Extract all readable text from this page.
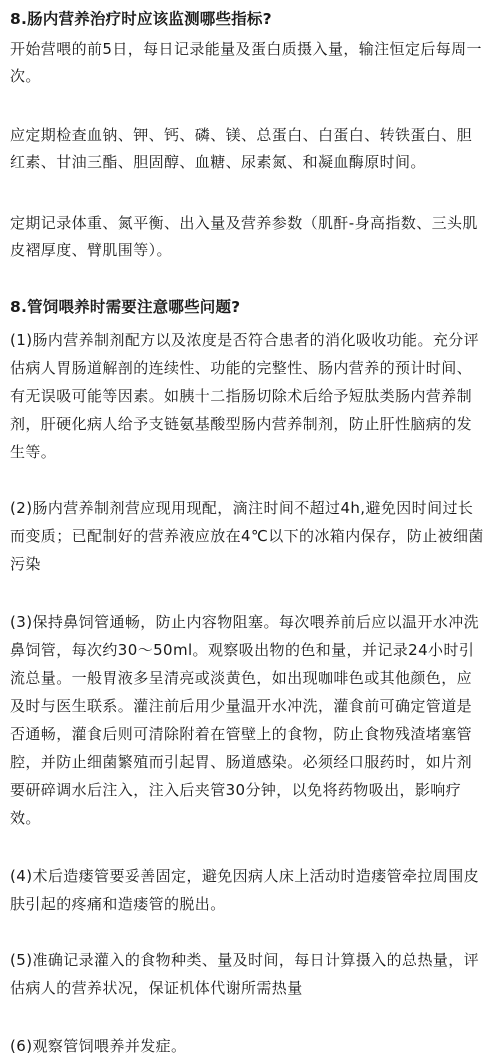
8.肠内营养治疗时应该监测哪些指标?
开始营喂的前5日，每日记录能量及蛋白质摄入量，输注恒定后每周一次。
应定期检查血钠、钾、钙、磷、镁、总蛋白、白蛋白、转铁蛋白、胆红素、甘油三酯、胆固醇、血糖、尿素氮、和凝血酶原时间。
定期记录体重、氮平衡、出入量及营养参数（肌酐-身高指数、三头肌皮褶厚度、臂肌围等）。
8.管饲喂养时需要注意哪些问题?
(1)肠内营养制剂配方以及浓度是否符合患者的消化吸收功能。充分评估病人胃肠道解剖的连续性、功能的完整性、肠内营养的预计时间、有无误吸可能等因素。如胰十二指肠切除术后给予短肽类肠内营养制剂，肝硬化病人给予支链氨基酸型肠内营养制剂，防止肝性脑病的发生等。
(2)肠内营养制剂营应现用现配，滴注时间不超过4h,避免因时间过长而变质；已配制好的营养液应放在4℃以下的冰箱内保存，防止被细菌污染
(3)保持鼻饲管通畅，防止内容物阻塞。每次喂养前后应以温开水冲洗鼻饲管，每次约30～50ml。观察吸出物的色和量，并记录24小时引流总量。一般胃液多呈清亮或淡黄色，如出现咖啡色或其他颜色，应及时与医生联系。灌注前后用少量温开水冲洗，灌食前可确定管道是否通畅，灌食后则可清除附着在管壁上的食物，防止食物残渣堵塞管腔，并防止细菌繁殖而引起胃、肠道感染。必须经口服药时，如片剂要研碎调水后注入，注入后夹管30分钟，以免将药物吸出，影响疗效。
(4)术后造瘘管要妥善固定，避免因病人床上活动时造瘘管牵拉周围皮肤引起的疼痛和造瘘管的脱出。
(5)准确记录灌入的食物种类、量及时间，每日计算摄入的总热量，评估病人的营养状况，保证机体代谢所需热量
(6)观察管饲喂养并发症。
